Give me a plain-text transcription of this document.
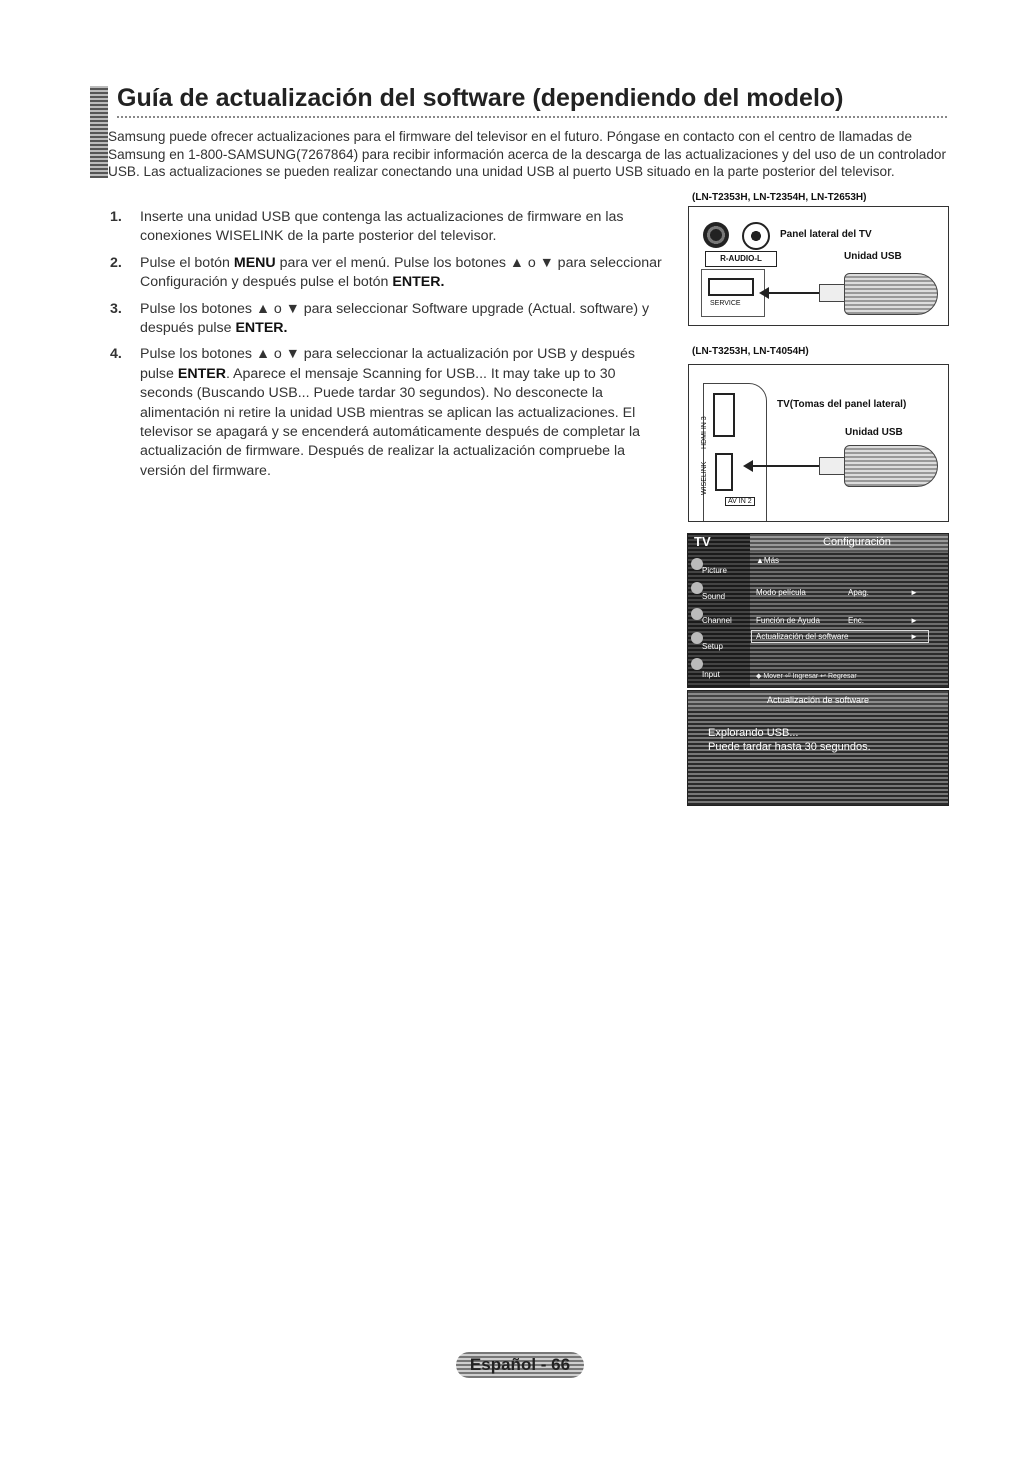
Guía de actualización del software (dependiendo del modelo)
Samsung puede ofrecer actualizaciones para el firmware del televisor en el futuro. Póngase en contacto con el centro de llamadas de Samsung en 1-800-SAMSUNG(7267864) para recibir información acerca de la descarga de las actualizaciones y del uso de un controlador USB. Las actualizaciones se pueden realizar conectando una unidad USB al puerto USB situado en la parte posterior del televisor.
1. Inserte una unidad USB que contenga las actualizaciones de firmware en las conexiones WISELINK de la parte posterior del televisor.
2. Pulse el botón MENU para ver el menú. Pulse los botones ▲ o ▼ para seleccionar Configuración y después pulse el botón ENTER.
3. Pulse los botones ▲ o ▼ para seleccionar Software upgrade (Actual. software) y después pulse ENTER.
4. Pulse los botones ▲ o ▼ para seleccionar la actualización por USB y después pulse ENTER. Aparece el mensaje Scanning for USB... It may take up to 30 seconds (Buscando USB... Puede tardar 30 segundos). No desconecte la alimentación ni retire la unidad USB mientras se aplican las actualizaciones. El televisor se apagará y se encenderá automáticamente después de completar la actualización de firmware. Después de realizar la actualización compruebe la versión del firmware.
(LN-T2353H, LN-T2354H, LN-T2653H)
Panel lateral del TV
R-AUDIO-L	Unidad USB
SERVICE
(LN-T3253H, LN-T4054H)
HDMI IN 3
WISELINK
AV IN 2
TV(Tomas del panel lateral)
Unidad USB
TV	Configuración
Picture
Sound
Channel
Setup
Input
▲Más
Modo película	Apag.	►
Función de Ayuda	Enc.	►
Actualización del software	►
◆ Mover ⏎ Ingresar ↩ Regresar
Actualización de software
Explorando USB...
Puede tardar hasta 30 segundos.
Español - 66
